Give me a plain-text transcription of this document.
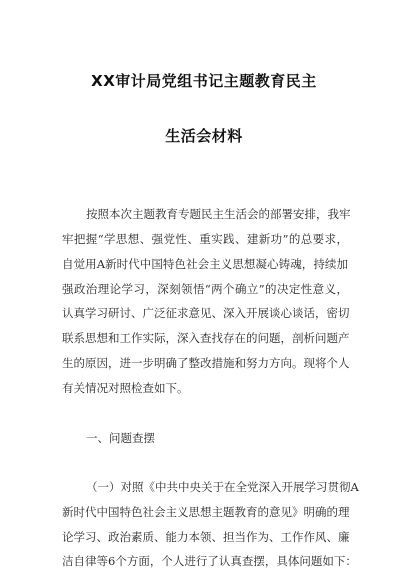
XX审计局党组书记主题教育民主
生活会材料
按照本次主题教育专题民主生活会的部署安排，我牢
牢把握“学思想、强党性、重实践、建新功”的总要求，
自觉用A新时代中国特色社会主义思想凝心铸魂，持续加
强政治理论学习，深刻领悟“两个确立”的决定性意义，
认真学习研讨、广泛征求意见、深入开展谈心谈话，密切
联系思想和工作实际，深入查找存在的问题，剖析问题产
生的原因，进一步明确了整改措施和努力方向。现将个人
有关情况对照检查如下。
一、问题查摆
（一）对照《中共中央关于在全党深入开展学习贯彻A
新时代中国特色社会主义思想主题教育的意见》明确的理
论学习、政治素质、能力本领、担当作为、工作作风、廉
洁自律等6个方面，个人进行了认真查摆，具体问题如下：
